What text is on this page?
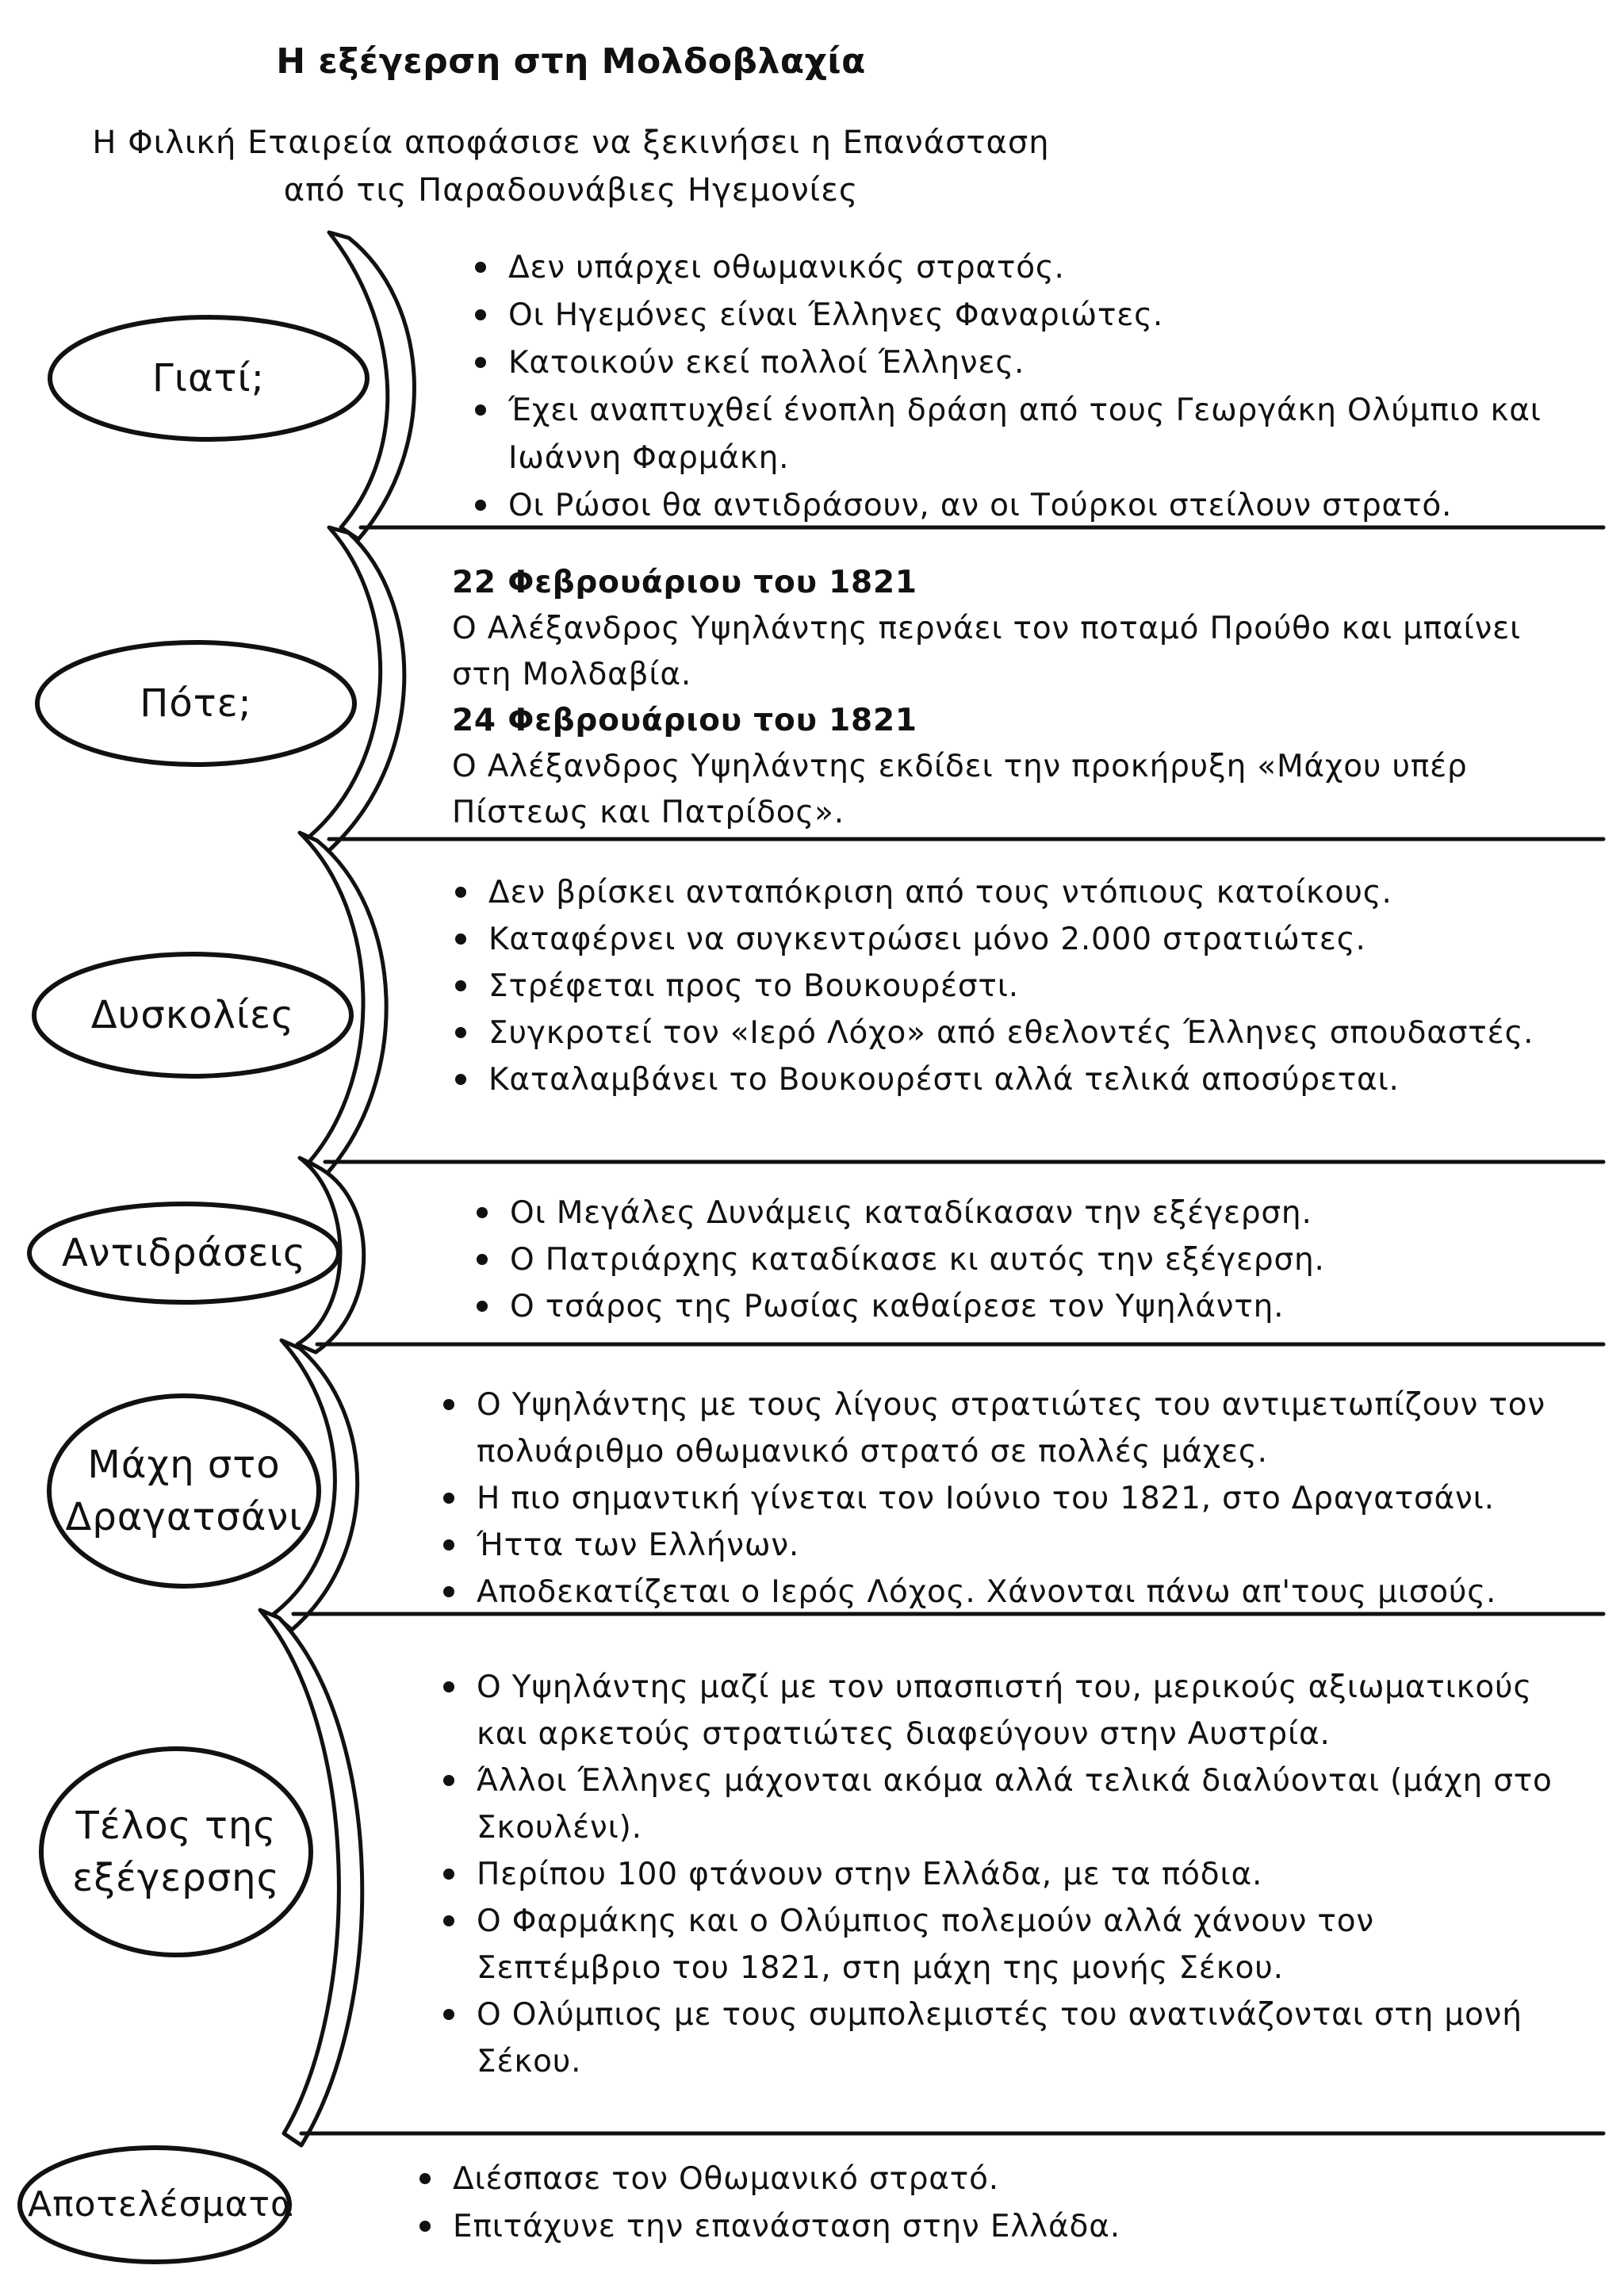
Η εξέγερση στη Μολδοβλαχία
Η Φιλική Εταιρεία αποφάσισε να ξεκινήσει η Επανάσταση
από τις Παραδουνάβιες Ηγεμονίες
Γιατί;
Πότε;
Δυσκολίες
Αντιδράσεις
Μάχη στο
Δραγατσάνι
Τέλος της
εξέγερσης
Αποτελέσματα
Δεν υπάρχει οθωμανικός στρατός.
Οι Ηγεμόνες είναι Έλληνες Φαναριώτες.
Κατοικούν εκεί πολλοί Έλληνες.
Έχει αναπτυχθεί ένοπλη δράση από τους Γεωργάκη Ολύμπιο και Ιωάννη Φαρμάκη.
Οι Ρώσοι θα αντιδράσουν, αν οι Τούρκοι στείλουν στρατό.

22 Φεβρουάριου του 1821

Ο Αλέξανδρος Υψηλάντης περνάει τον ποταμό Προύθο και μπαίνει στη Μολδαβία.

24 Φεβρουάριου του 1821

Ο Αλέξανδρος Υψηλάντης εκδίδει την προκήρυξη «Μάχου υπέρ Πίστεως και Πατρίδος».

Δεν βρίσκει ανταπόκριση από τους ντόπιους κατοίκους.
Καταφέρνει να συγκεντρώσει μόνο 2.000 στρατιώτες.
Στρέφεται προς το Βουκουρέστι.
Συγκροτεί τον «Ιερό Λόχο» από εθελοντές Έλληνες σπουδαστές.
Καταλαμβάνει το Βουκουρέστι αλλά τελικά αποσύρεται.
Οι Μεγάλες Δυνάμεις καταδίκασαν την εξέγερση.
Ο Πατριάρχης καταδίκασε κι αυτός την εξέγερση.
Ο τσάρος της Ρωσίας καθαίρεσε τον Υψηλάντη.
Ο Υψηλάντης με τους λίγους στρατιώτες του αντιμετωπίζουν τον πολυάριθμο οθωμανικό στρατό σε πολλές μάχες.
Η πιο σημαντική γίνεται τον Ιούνιο του 1821, στο Δραγατσάνι.
Ήττα των Ελλήνων.
Αποδεκατίζεται ο Ιερός Λόχος. Χάνονται πάνω απ'τους μισούς.
Ο Υψηλάντης μαζί με τον υπασπιστή του, μερικούς αξιωματικούς και αρκετούς στρατιώτες διαφεύγουν στην Αυστρία.
Άλλοι Έλληνες μάχονται ακόμα αλλά τελικά διαλύονται (μάχη στο Σκουλένι).
Περίπου 100 φτάνουν στην Ελλάδα, με τα πόδια.
Ο Φαρμάκης και ο Ολύμπιος πολεμούν αλλά χάνουν τον Σεπτέμβριο του 1821, στη μάχη της μονής Σέκου.
Ο Ολύμπιος με τους συμπολεμιστές του ανατινάζονται στη μονή Σέκου.
Διέσπασε τον Οθωμανικό στρατό.
Επιτάχυνε την επανάσταση στην Ελλάδα.
